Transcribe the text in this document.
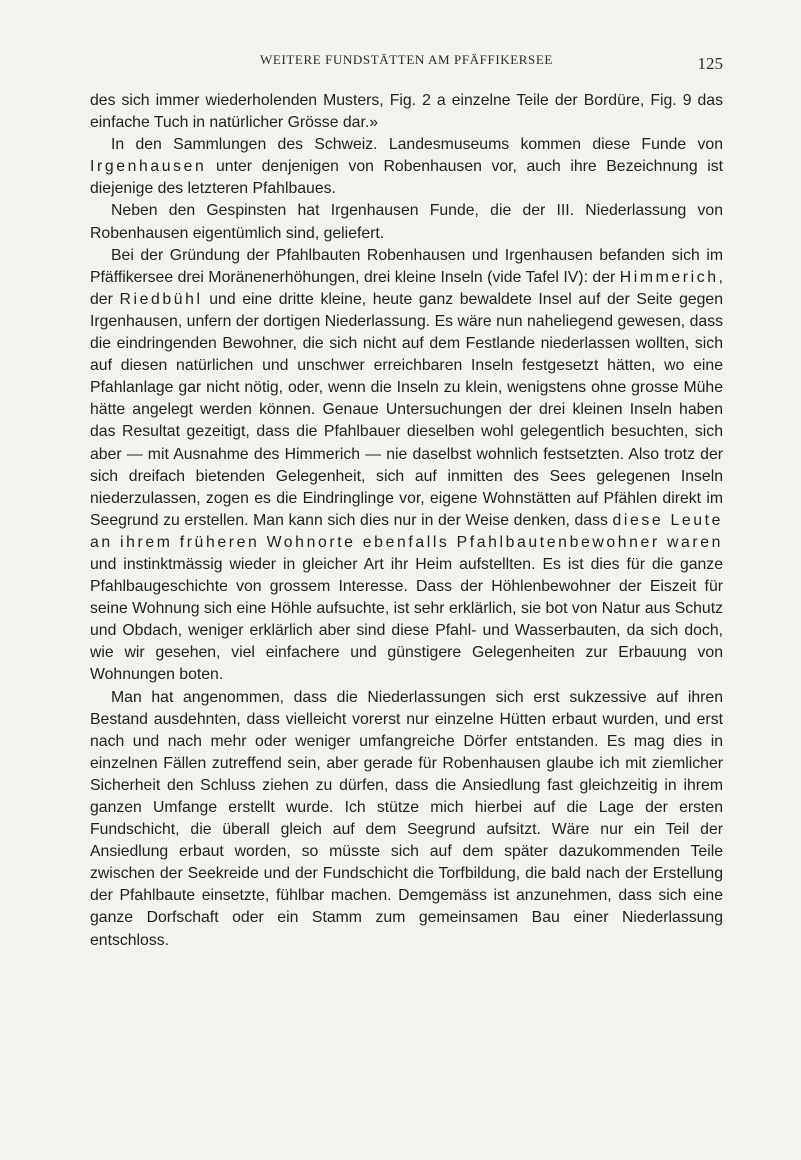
WEITERE FUNDSTÄTTEN AM PFÄFFIKERSEE	125

des sich immer wiederholenden Musters, Fig. 2 a einzelne Teile der Bordüre, Fig. 9 das einfache Tuch in natürlicher Grösse dar.»

In den Sammlungen des Schweiz. Landesmuseums kommen diese Funde von Irgenhausen unter denjenigen von Robenhausen vor, auch ihre Bezeichnung ist diejenige des letzteren Pfahlbaues.

Neben den Gespinsten hat Irgenhausen Funde, die der III. Niederlassung von Robenhausen eigentümlich sind, geliefert.

Bei der Gründung der Pfahlbauten Robenhausen und Irgenhausen befanden sich im Pfäffikersee drei Moränenerhöhungen, drei kleine Inseln (vide Tafel IV): der Himmerich, der Riedbühl und eine dritte kleine, heute ganz bewaldete Insel auf der Seite gegen Irgenhausen, unfern der dortigen Niederlassung. Es wäre nun naheliegend gewesen, dass die eindringenden Bewohner, die sich nicht auf dem Festlande niederlassen wollten, sich auf diesen natürlichen und unschwer erreichbaren Inseln festgesetzt hätten, wo eine Pfahlanlage gar nicht nötig, oder, wenn die Inseln zu klein, wenigstens ohne grosse Mühe hätte angelegt werden können. Genaue Untersuchungen der drei kleinen Inseln haben das Resultat gezeitigt, dass die Pfahlbauer dieselben wohl gelegentlich besuchten, sich aber — mit Ausnahme des Himmerich — nie daselbst wohnlich festsetzten. Also trotz der sich dreifach bietenden Gelegenheit, sich auf inmitten des Sees gelegenen Inseln niederzulassen, zogen es die Eindringlinge vor, eigene Wohnstätten auf Pfählen direkt im Seegrund zu erstellen. Man kann sich dies nur in der Weise denken, dass diese Leute an ihrem früheren Wohnorte ebenfalls Pfahlbautenbewohner waren und instinktmässig wieder in gleicher Art ihr Heim aufstellten. Es ist dies für die ganze Pfahlbaugeschichte von grossem Interesse. Dass der Höhlenbewohner der Eiszeit für seine Wohnung sich eine Höhle aufsuchte, ist sehr erklärlich, sie bot von Natur aus Schutz und Obdach, weniger erklärlich aber sind diese Pfahl- und Wasserbauten, da sich doch, wie wir gesehen, viel einfachere und günstigere Gelegenheiten zur Erbauung von Wohnungen boten.

Man hat angenommen, dass die Niederlassungen sich erst sukzessive auf ihren Bestand ausdehnten, dass vielleicht vorerst nur einzelne Hütten erbaut wurden, und erst nach und nach mehr oder weniger umfangreiche Dörfer entstanden. Es mag dies in einzelnen Fällen zutreffend sein, aber gerade für Robenhausen glaube ich mit ziemlicher Sicherheit den Schluss ziehen zu dürfen, dass die Ansiedlung fast gleichzeitig in ihrem ganzen Umfange erstellt wurde. Ich stütze mich hierbei auf die Lage der ersten Fundschicht, die überall gleich auf dem Seegrund aufsitzt. Wäre nur ein Teil der Ansiedlung erbaut worden, so müsste sich auf dem später dazukommenden Teile zwischen der Seekreide und der Fundschicht die Torfbildung, die bald nach der Erstellung der Pfahlbaute einsetzte, fühlbar machen. Demgemäss ist anzunehmen, dass sich eine ganze Dorfschaft oder ein Stamm zum gemeinsamen Bau einer Niederlassung entschloss.
